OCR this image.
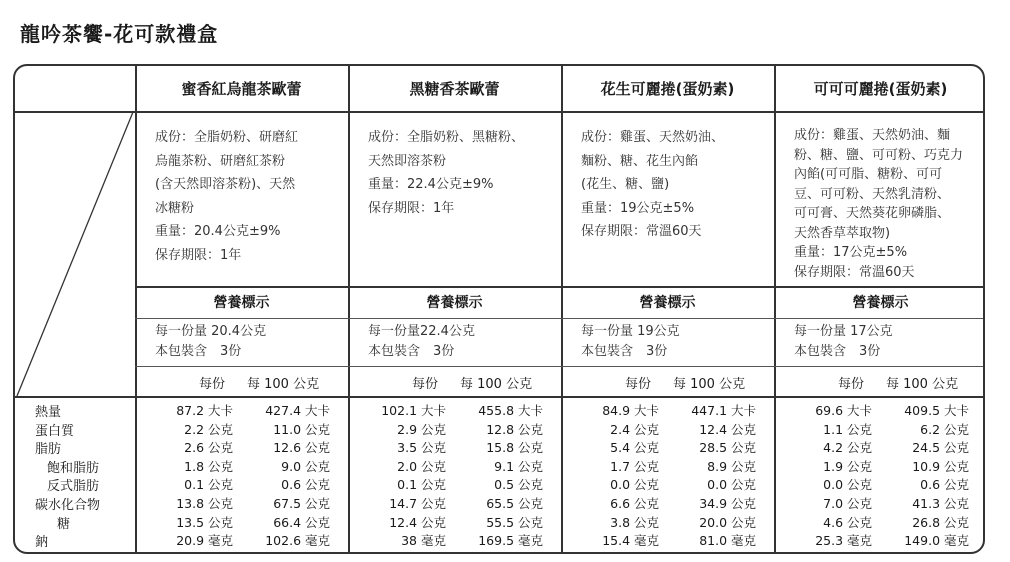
龍吟茶饗-花可款禮盒
熱量
蛋白質
脂肪
飽和脂肪
反式脂肪
碳水化合物
糖
鈉
蜜香紅烏龍茶歐蕾
成份：全脂奶粉、研磨紅
烏龍茶粉、研磨紅茶粉
(含天然即溶茶粉)、天然
冰糖粉
重量：20.4公克±9%
保存期限：1年
營養標示
每一份量 20.4公克
本包裝含　3份
每份 每 100 公克
87.2 大卡
2.2 公克
2.6 公克
1.8 公克
0.1 公克
13.8 公克
13.5 公克
20.9 毫克
427.4 大卡
11.0 公克
12.6 公克
9.0 公克
0.6 公克
67.5 公克
66.4 公克
102.6 毫克
黑糖香茶歐蕾
成份：全脂奶粉、黑糖粉、
天然即溶茶粉
重量：22.4公克±9%
保存期限：1年
營養標示
每一份量22.4公克
本包裝含　3份
每份 每 100 公克
102.1 大卡
2.9 公克
3.5 公克
2.0 公克
0.1 公克
14.7 公克
12.4 公克
38 毫克
455.8 大卡
12.8 公克
15.8 公克
9.1 公克
0.5 公克
65.5 公克
55.5 公克
169.5 毫克
花生可麗捲(蛋奶素)
成份：雞蛋、天然奶油、
麵粉、糖、花生內餡
(花生、糖、鹽)
重量：19公克±5%
保存期限：常溫60天
營養標示
每一份量 19公克
本包裝含　3份
每份 每 100 公克
84.9 大卡
2.4 公克
5.4 公克
1.7 公克
0.0 公克
6.6 公克
3.8 公克
15.4 毫克
447.1 大卡
12.4 公克
28.5 公克
8.9 公克
0.0 公克
34.9 公克
20.0 公克
81.0 毫克
可可可麗捲(蛋奶素)
成份：雞蛋、天然奶油、麵
粉、糖、鹽、可可粉、巧克力
內餡(可可脂、糖粉、可可
豆、可可粉、天然乳清粉、
可可膏、天然葵花卵磷脂、
天然香草萃取物)
重量：17公克±5%
保存期限：常溫60天
營養標示
每一份量 17公克
本包裝含　3份
每份 每 100 公克
69.6 大卡
1.1 公克
4.2 公克
1.9 公克
0.0 公克
7.0 公克
4.6 公克
25.3 毫克
409.5 大卡
6.2 公克
24.5 公克
10.9 公克
0.6 公克
41.3 公克
26.8 公克
149.0 毫克
